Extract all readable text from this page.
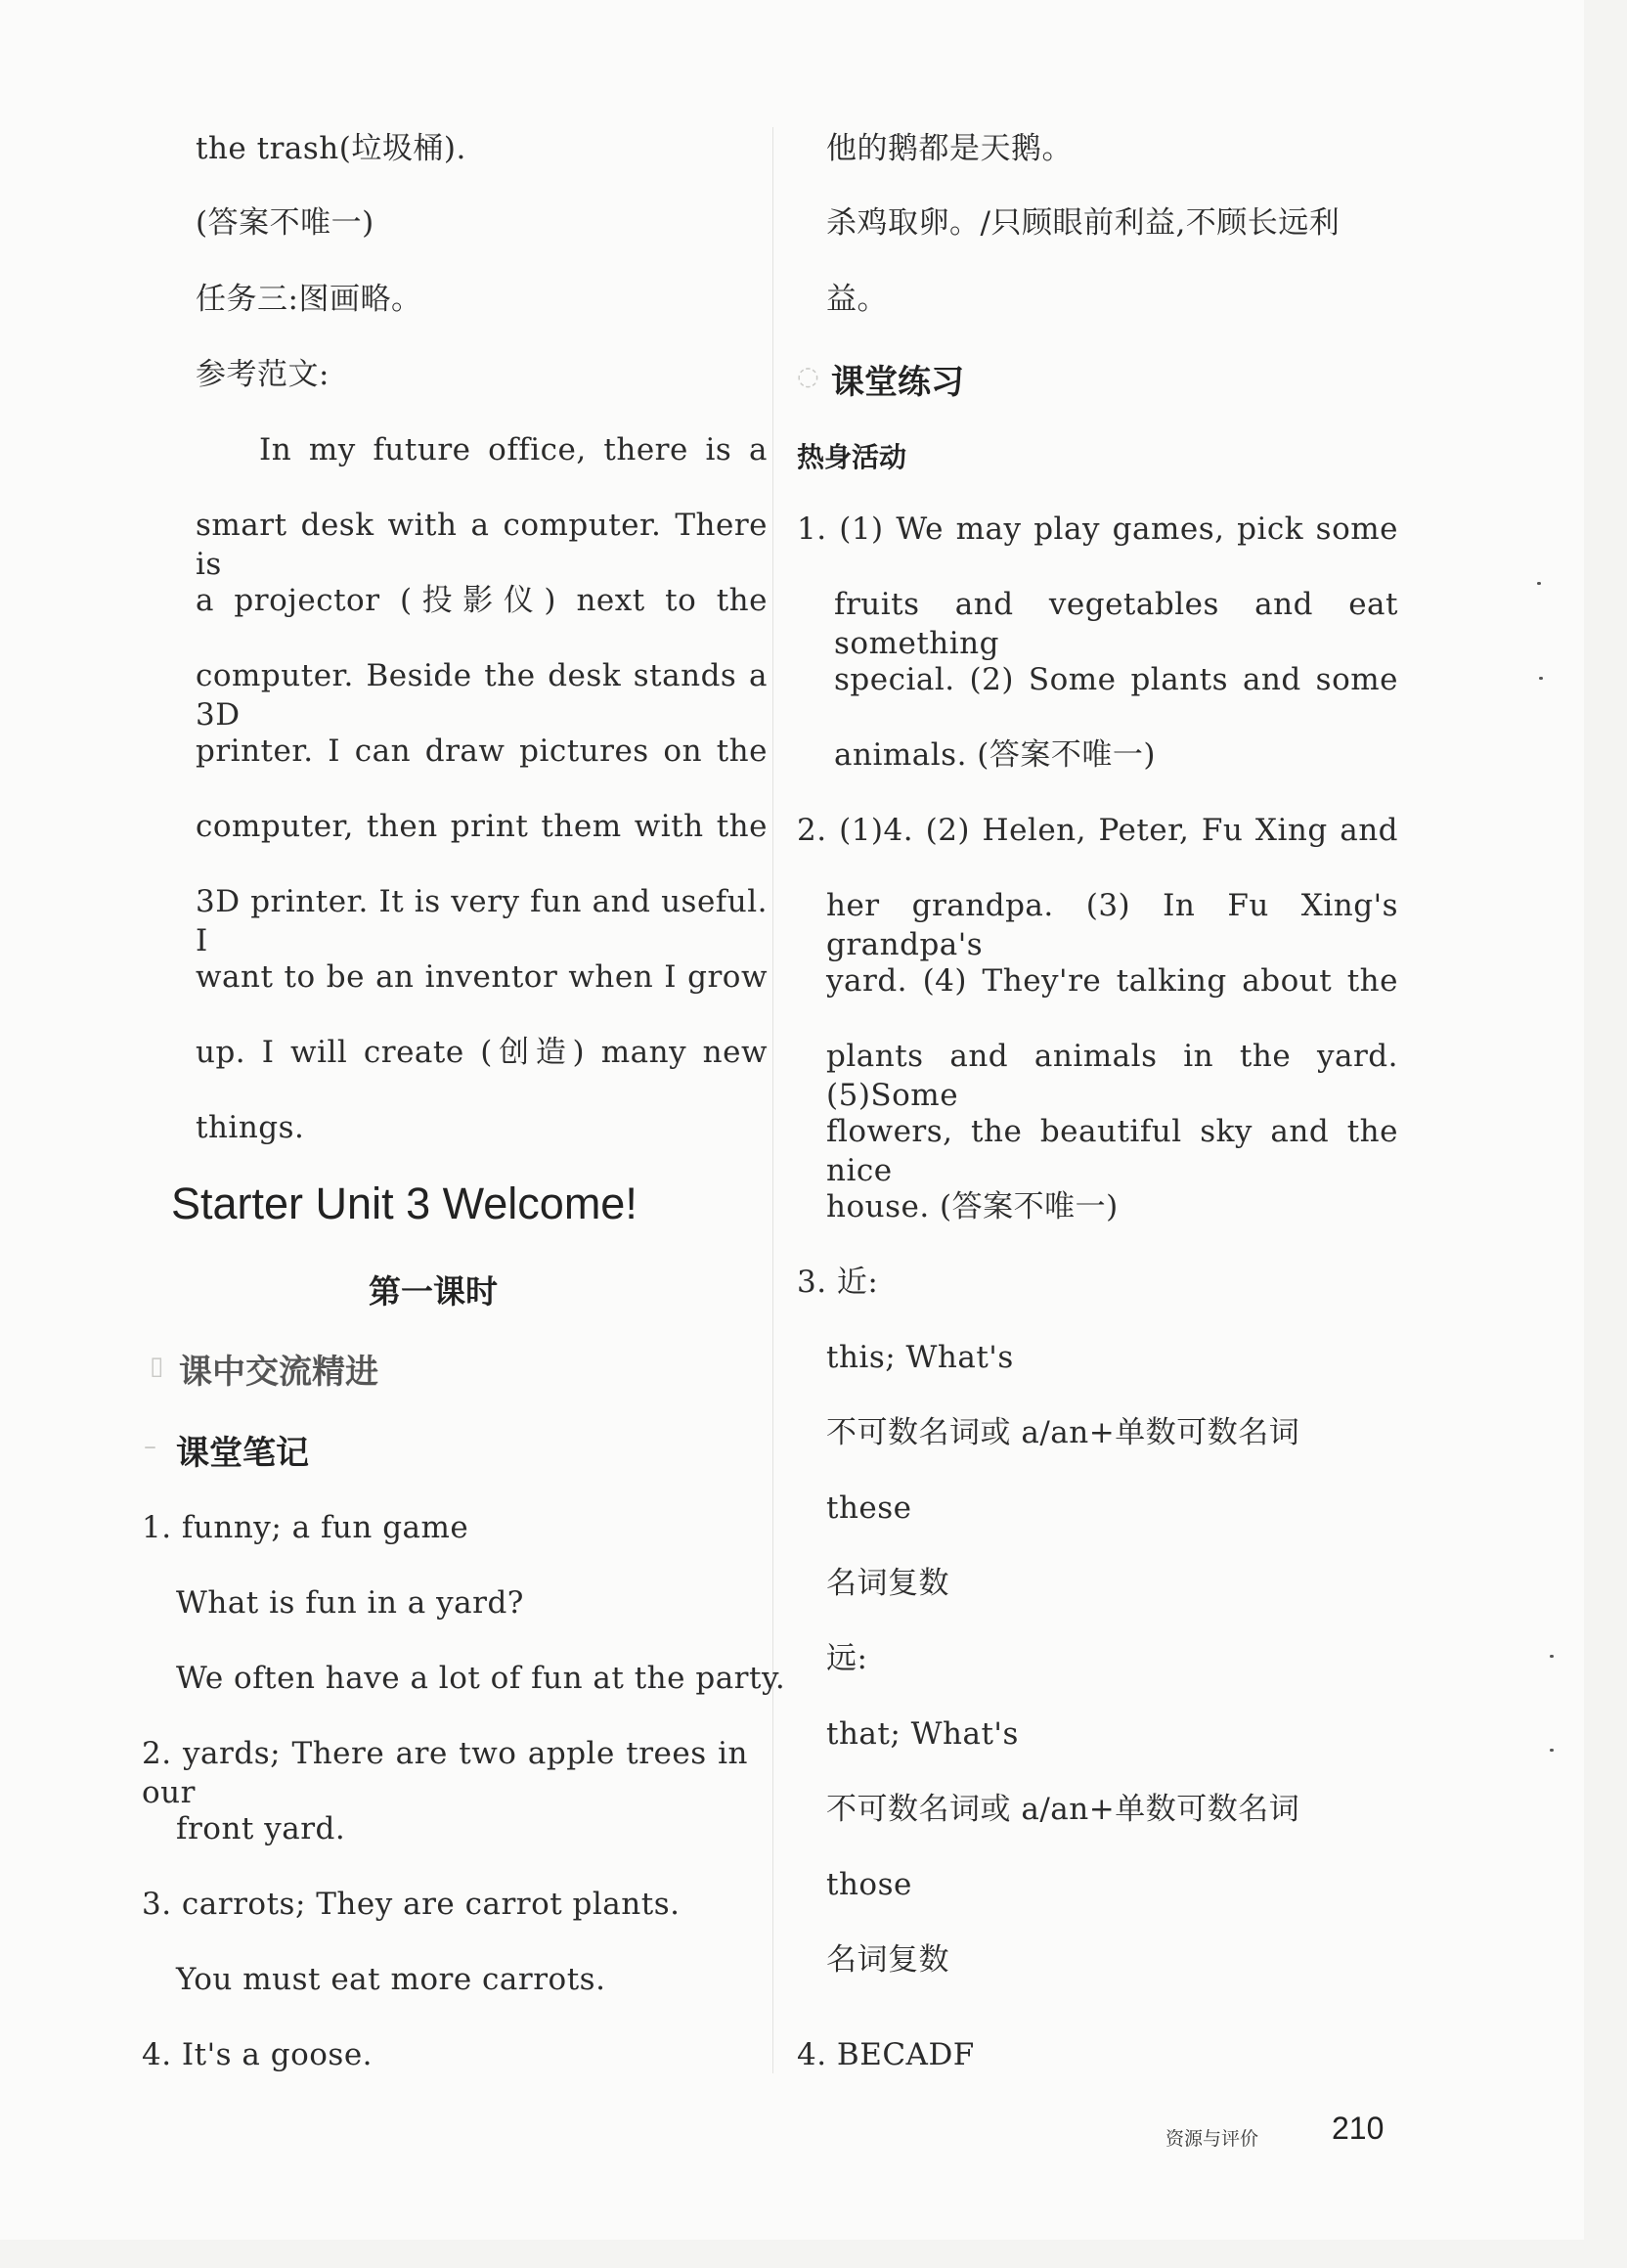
the trash(垃圾桶).
(答案不唯一)
任务三:图画略。
参考范文:
In my future office, there is a
smart desk with a computer. There is
a projector (投影仪) next to the
computer. Beside the desk stands a 3D
printer. I can draw pictures on the
computer, then print them with the
3D printer. It is very fun and useful. I
want to be an inventor when I grow
up. I will create (创造) many new
things.
Starter Unit 3 Welcome!
第一课时
▯ 课中交流精进
– 课堂笔记
1. funny; a fun game
What is fun in a yard?
We often have a lot of fun at the party.
2. yards; There are two apple trees in our
front yard.
3. carrots; They are carrot plants.
You must eat more carrots.
4. It's a goose.
他的鹅都是天鹅。
杀鸡取卵。/只顾眼前利益,不顾长远利
益。
◌ 课堂练习
热身活动
1. (1) We may play games, pick some
fruits and vegetables and eat something
special. (2) Some plants and some
animals. (答案不唯一)
2. (1)4. (2) Helen, Peter, Fu Xing and
her grandpa. (3) In Fu Xing's grandpa's
yard. (4) They're talking about the
plants and animals in the yard. (5)Some
flowers, the beautiful sky and the nice
house. (答案不唯一)
3. 近:
this; What's
不可数名词或 a/an+单数可数名词
these
名词复数
远:
that; What's
不可数名词或 a/an+单数可数名词
those
名词复数
4. BECADF
资源与评价 210
